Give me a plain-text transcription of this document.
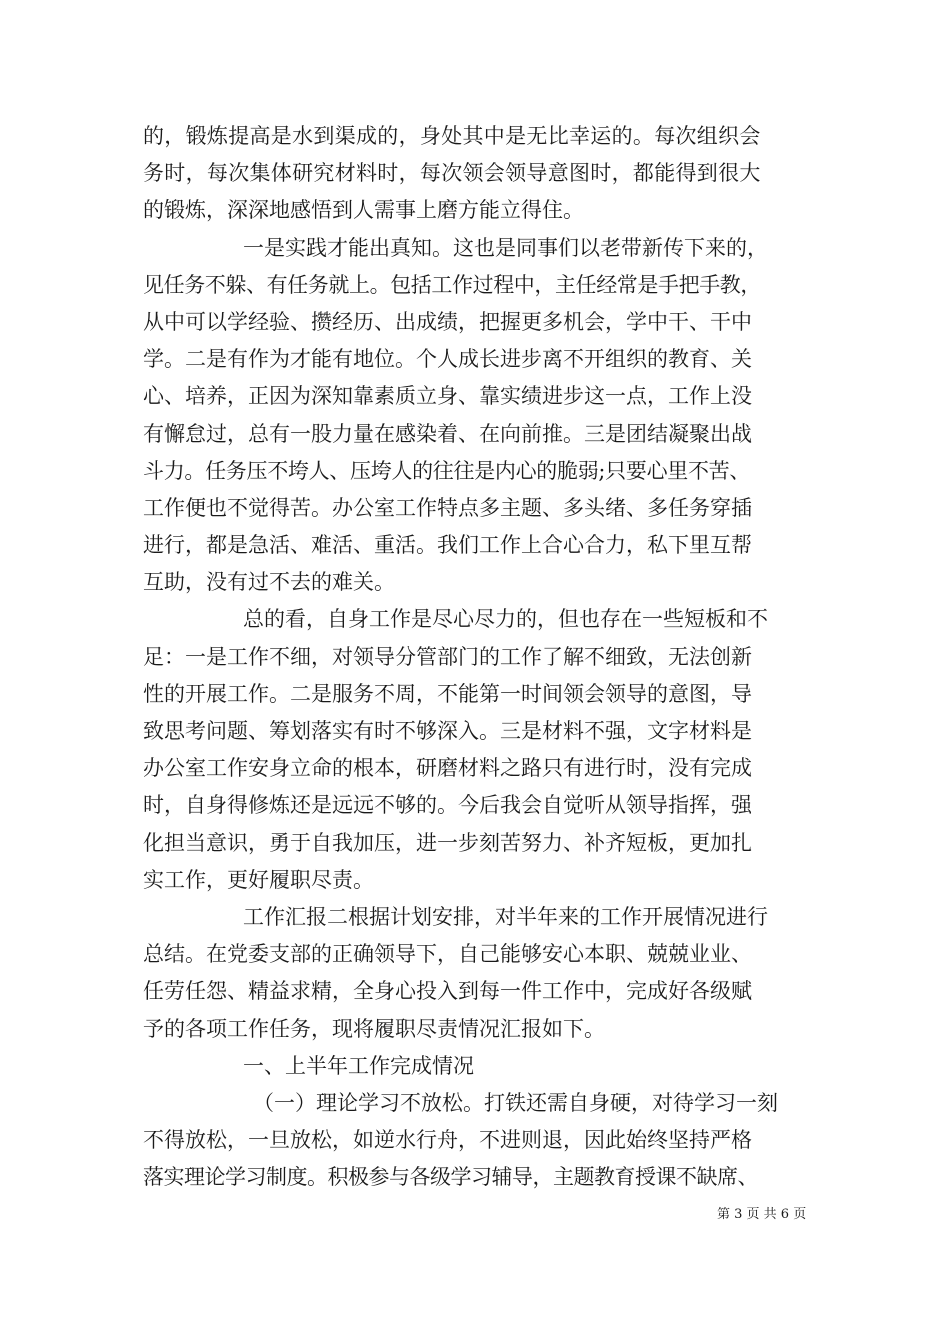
的，锻炼提高是水到渠成的，身处其中是无比幸运的。每次组织会
务时，每次集体研究材料时，每次领会领导意图时，都能得到很大
的锻炼，深深地感悟到人需事上磨方能立得住。
一是实践才能出真知。这也是同事们以老带新传下来的，
见任务不躲、有任务就上。包括工作过程中，主任经常是手把手教，
从中可以学经验、攒经历、出成绩，把握更多机会，学中干、干中
学。二是有作为才能有地位。个人成长进步离不开组织的教育、关
心、培养，正因为深知靠素质立身、靠实绩进步这一点，工作上没
有懈怠过，总有一股力量在感染着、在向前推。三是团结凝聚出战
斗力。任务压不垮人、压垮人的往往是内心的脆弱;只要心里不苦、
工作便也不觉得苦。办公室工作特点多主题、多头绪、多任务穿插
进行，都是急活、难活、重活。我们工作上合心合力，私下里互帮
互助，没有过不去的难关。
总的看，自身工作是尽心尽力的，但也存在一些短板和不
足：一是工作不细，对领导分管部门的工作了解不细致，无法创新
性的开展工作。二是服务不周，不能第一时间领会领导的意图，导
致思考问题、筹划落实有时不够深入。三是材料不强，文字材料是
办公室工作安身立命的根本，研磨材料之路只有进行时，没有完成
时，自身得修炼还是远远不够的。今后我会自觉听从领导指挥，强
化担当意识，勇于自我加压，进一步刻苦努力、补齐短板，更加扎
实工作，更好履职尽责。
工作汇报二根据计划安排，对半年来的工作开展情况进行
总结。在党委支部的正确领导下，自己能够安心本职、兢兢业业、
任劳任怨、精益求精，全身心投入到每一件工作中，完成好各级赋
予的各项工作任务，现将履职尽责情况汇报如下。
一、上半年工作完成情况
（一）理论学习不放松。打铁还需自身硬，对待学习一刻
不得放松，一旦放松，如逆水行舟，不进则退，因此始终坚持严格
落实理论学习制度。积极参与各级学习辅导，主题教育授课不缺席、
第 3 页 共 6 页
